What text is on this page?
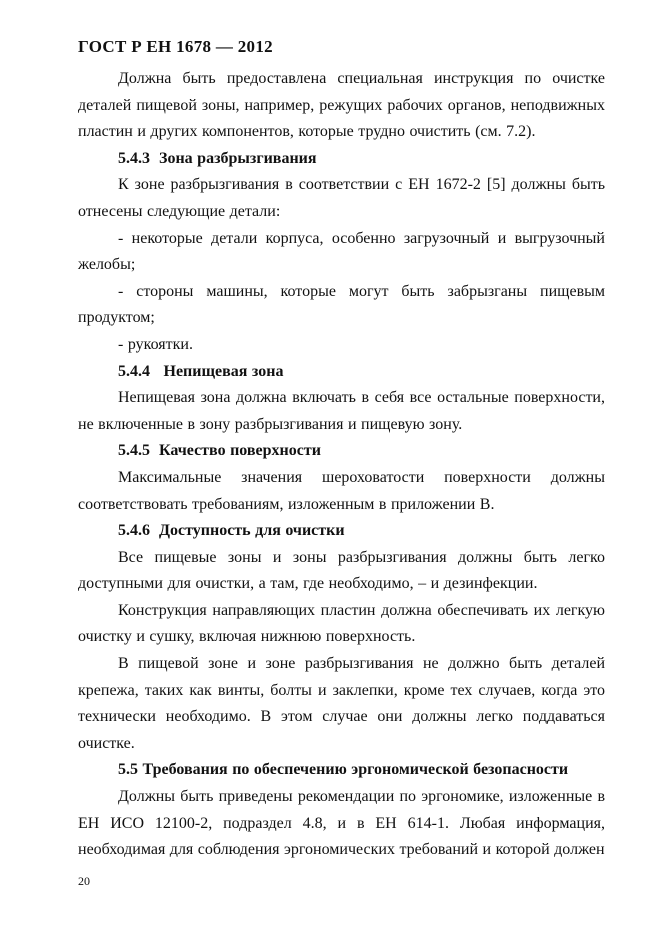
ГОСТ Р ЕН 1678 — 2012

Должна быть предоставлена специальная инструкция по очистке деталей пищевой зоны, например, режущих рабочих органов, неподвижных пластин и других компонентов, которые трудно очистить (см. 7.2).

5.4.3  Зона разбрызгивания

К зоне разбрызгивания в соответствии с ЕН 1672-2 [5] должны быть отнесены следующие детали:

- некоторые детали корпуса, особенно загрузочный и выгрузочный желобы;

- стороны машины, которые могут быть забрызганы пищевым продуктом;

- рукоятки.

5.4.4   Непищевая зона

Непищевая зона должна включать в себя все остальные поверхности, не включенные в зону разбрызгивания и пищевую зону.

5.4.5  Качество поверхности

Максимальные значения шероховатости поверхности должны соответствовать требованиям, изложенным в приложении В.

5.4.6  Доступность для очистки

Все пищевые зоны и зоны разбрызгивания должны быть легко доступными для очистки, а там, где необходимо, – и дезинфекции.

Конструкция направляющих пластин должна обеспечивать их легкую очистку и сушку, включая нижнюю поверхность.

В пищевой зоне и зоне разбрызгивания не должно быть деталей крепежа, таких как винты, болты и заклепки, кроме тех случаев, когда это технически необходимо. В этом случае они должны легко поддаваться очистке.

5.5 Требования по обеспечению эргономической безопасности

Должны быть приведены рекомендации по эргономике, изложенные в ЕН ИСО 12100-2, подраздел 4.8, и в ЕН 614-1. Любая информация, необходимая для соблюдения эргономических требований и которой должен

20
